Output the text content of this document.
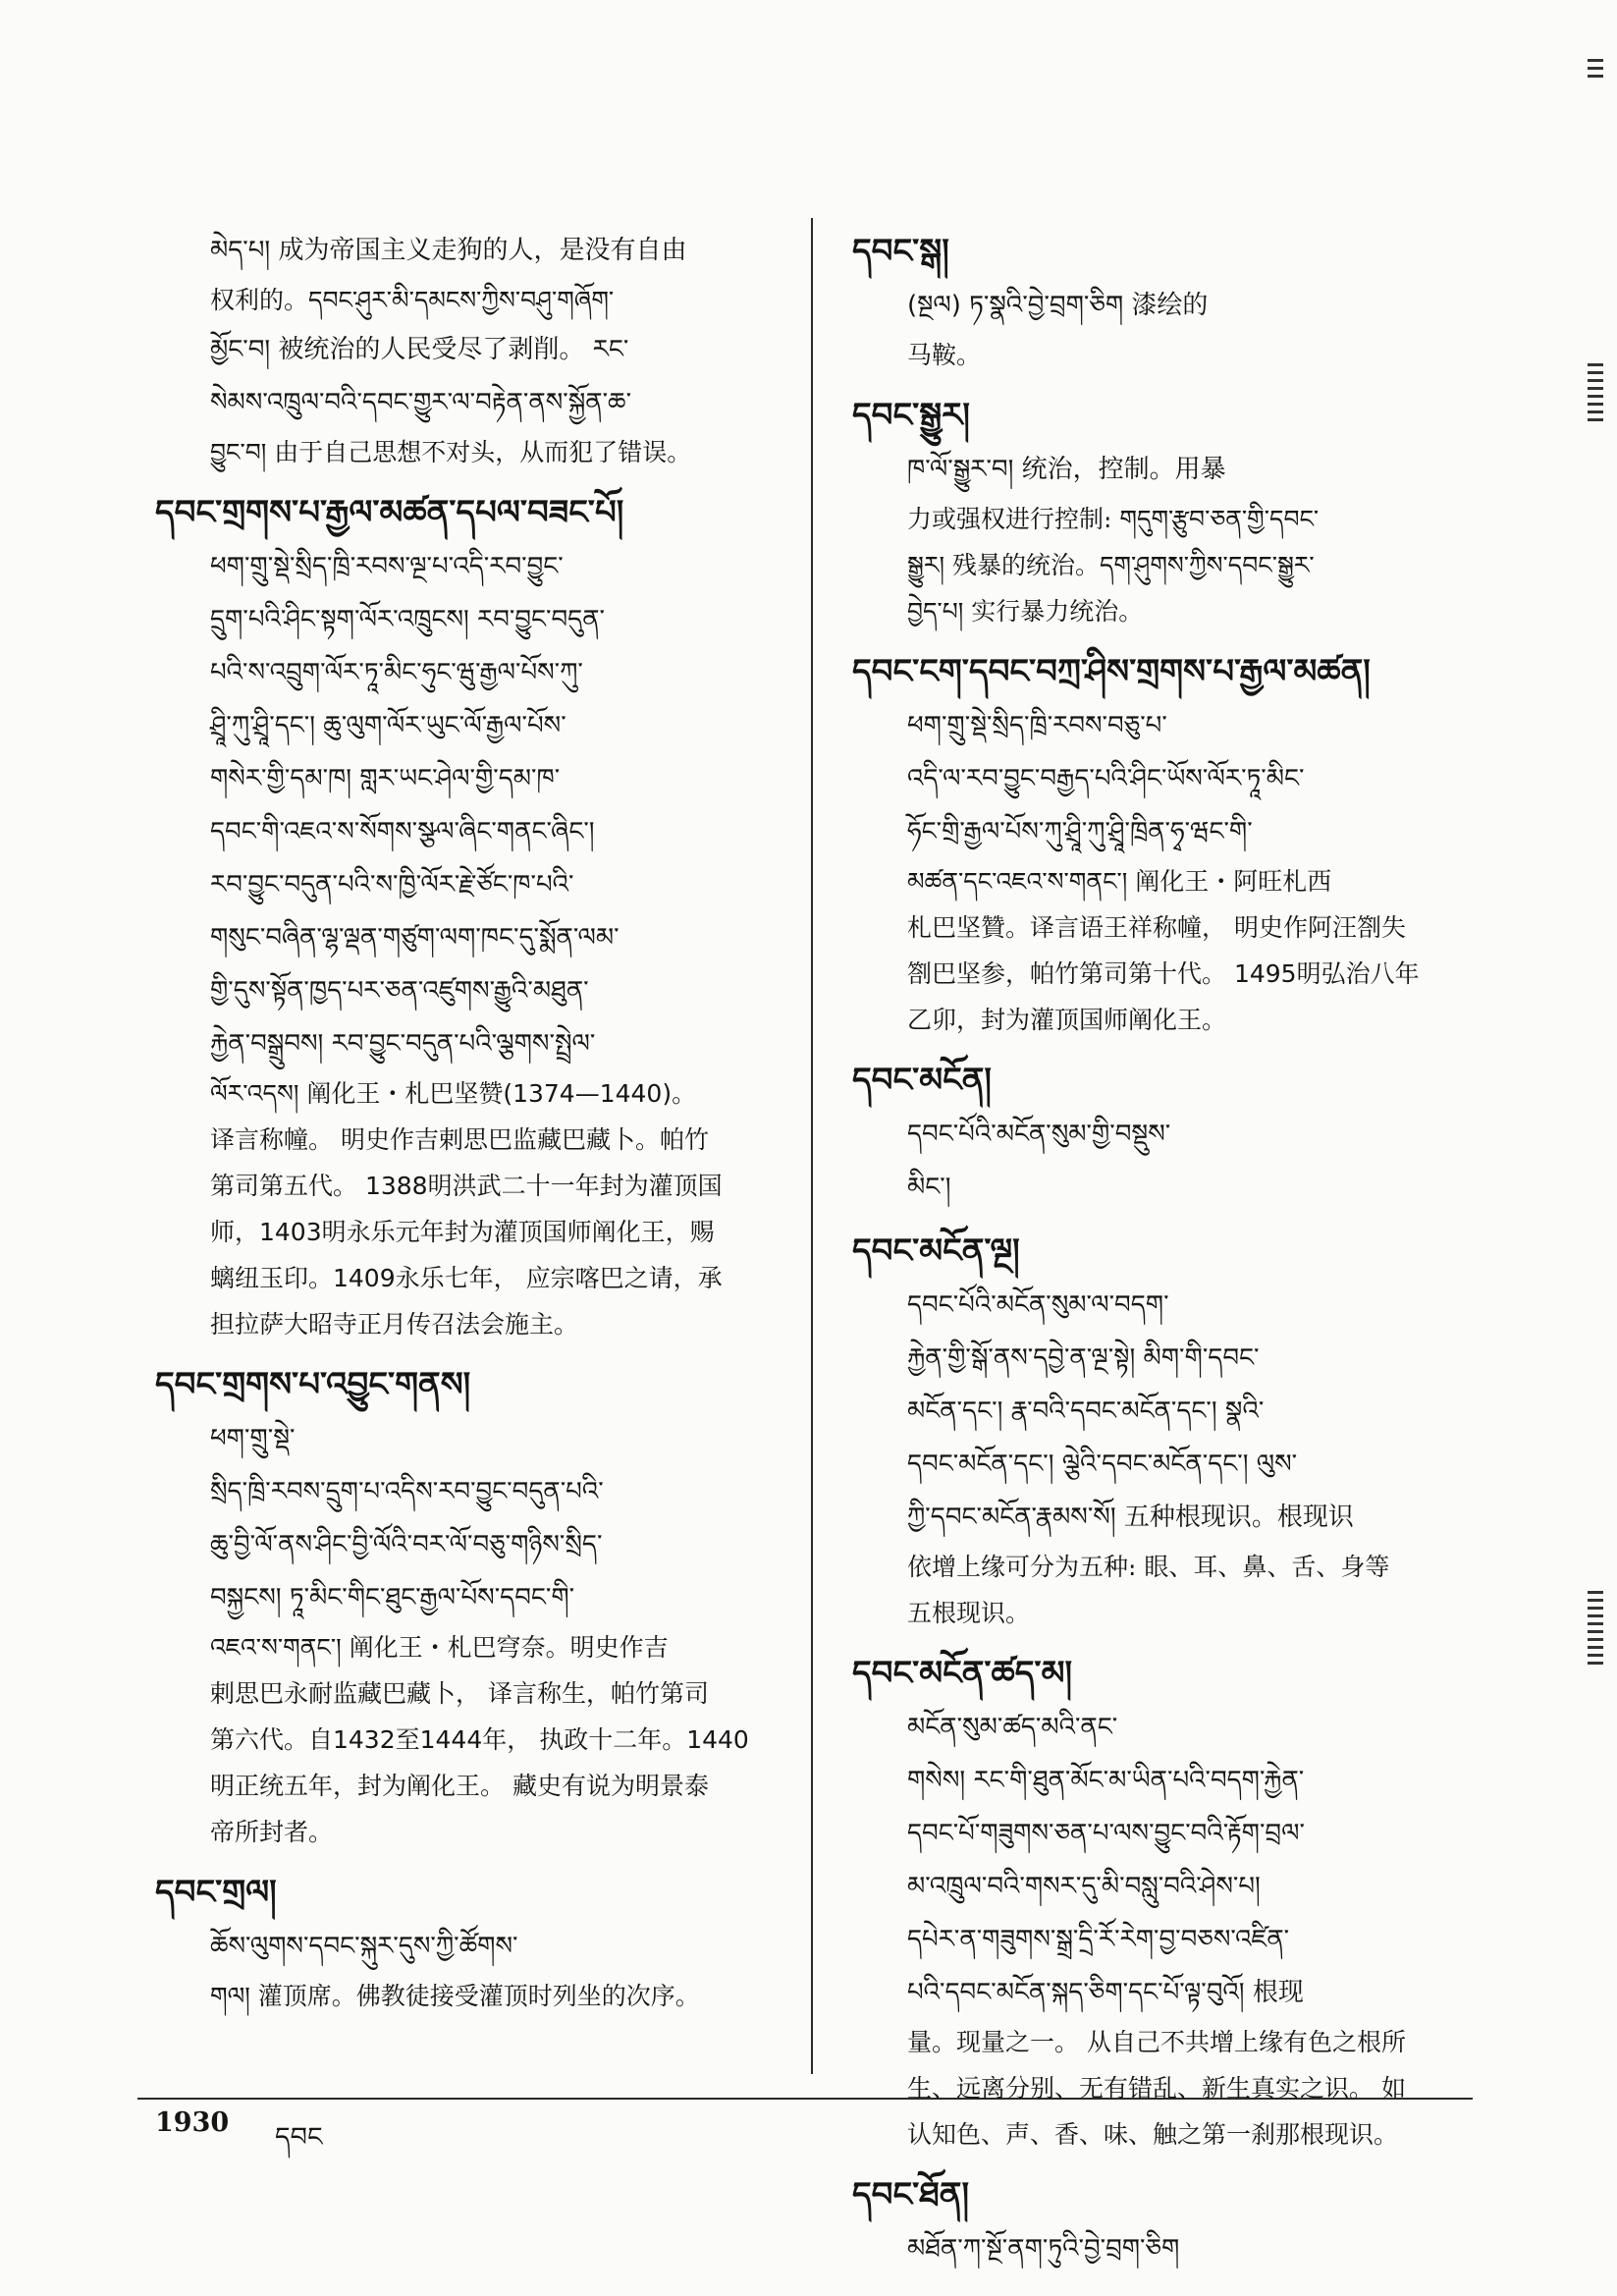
མེད་པ། 成为帝国主义走狗的人，是没有自由
权利的。དབང་ཤུར་མི་དམངས་ཀྱིས་བཤུ་གཞོག་
མྱོང་བ། 被统治的人民受尽了剥削。 རང་
སེམས་འཁྲུལ་བའི་དབང་གྱུར་ལ་བརྟེན་ནས་སྐྱོན་ཆ་
བྱུང་བ། 由于自己思想不对头，从而犯了错误。
དབང་གྲགས་པ་རྒྱལ་མཚན་དཔལ་བཟང་པོ།
ཕག་གྲུ་སྡེ་སྲིད་ཁྲི་རབས་ལྔ་པ་འདི་རབ་བྱུང་
དྲུག་པའི་ཤིང་སྟག་ལོར་འཁྲུངས། རབ་བྱུང་བདུན་
པའི་ས་འབྲུག་ལོར་ཏཱ་མིང་ཧུང་ཝུ་རྒྱལ་པོས་ཀུ་
ཤྲཱི་ཀུ་ཤྲཱི་དང་། ཆུ་ལུག་ལོར་ཡུང་ལོ་རྒྱལ་པོས་
གསེར་གྱི་དམ་ཁ། གླར་ཡང་ཤེལ་གྱི་དམ་ཁ་
དབང་གི་འཇའ་ས་སོགས་སྩལ་ཞིང་གནང་ཞིང་།
རབ་བྱུང་བདུན་པའི་ས་ཁྱི་ལོར་རྗེ་ཙོང་ཁ་པའི་
གསུང་བཞིན་ལྷ་ལྡན་གཙུག་ལག་ཁང་དུ་སྨོན་ལམ་
གྱི་དུས་སྟོན་ཁྱད་པར་ཅན་འཛུགས་རྒྱུའི་མཐུན་
རྐྱེན་བསྒྲུབས། རབ་བྱུང་བདུན་པའི་ལྕགས་སྤྲེལ་
ལོར་འདས། 阐化王・札巴坚赞(1374—1440)。
译言称幢。 明史作吉剌思巴监藏巴藏卜。帕竹
第司第五代。 1388明洪武二十一年封为灌顶国
师，1403明永乐元年封为灌顶国师阐化王，赐
螭纽玉印。1409永乐七年， 应宗喀巴之请，承
担拉萨大昭寺正月传召法会施主。
དབང་གྲགས་པ་འབྱུང་གནས།
ཕག་གྲུ་སྡེ་
སྲིད་ཁྲི་རབས་དྲུག་པ་འདིས་རབ་བྱུང་བདུན་པའི་
ཆུ་བྱི་ལོ་ནས་ཤིང་བྱི་ལོའི་བར་ལོ་བཅུ་གཉིས་སྲིད་
བསྐྱངས། ཏཱ་མིང་གིང་ཐུང་རྒྱལ་པོས་དབང་གི་
འཇའ་ས་གནང་། 阐化王・札巴穹奈。明史作吉
剌思巴永耐监藏巴藏卜， 译言称生，帕竹第司
第六代。自1432至1444年， 执政十二年。1440
明正统五年，封为阐化王。 藏史有说为明景泰
帝所封者。
དབང་གྲལ།
ཆོས་ལུགས་དབང་སྐུར་དུས་ཀྱི་ཚོགས་
གལ། 灌顶席。佛教徒接受灌顶时列坐的次序。
དབང་སྒ།
(སྔལ) ཏ་སྣའི་བྱེ་བྲག་ཅིག 漆绘的
马鞍。
དབང་སྒྱུར།
ཁ་ལོ་སྒྱུར་བ། 统治，控制。用暴
力或强权进行控制։ གདུག་རྩུབ་ཅན་གྱི་དབང་
སྒྱུར། 残暴的统治。དག་ཤུགས་ཀྱིས་དབང་སྒྱུར་
བྱེད་པ། 实行暴力统治。
དབང་ངག་དབང་བཀྲ་ཤིས་གྲགས་པ་རྒྱལ་མཚན།
ཕག་གྲུ་སྡེ་སྲིད་ཁྲི་རབས་བཅུ་པ་
འདི་ལ་རབ་བྱུང་བརྒྱད་པའི་ཤིང་ཡོས་ལོར་ཏཱ་མིང་
ཧོང་གྲི་རྒྱལ་པོས་ཀུ་ཤྲཱི་ཀུ་ཤྲཱི་ཁྲིན་ཧྭ་ཝང་གི་
མཚན་དང་འཇའ་ས་གནང་། 阐化王・阿旺札西
札巴坚贊。译言语王祥称幢， 明史作阿汪劄失
劄巴坚参，帕竹第司第十代。 1495明弘治八年
乙卯，封为灌顶国师阐化王。
དབང་མངོན།
དབང་པོའི་མངོན་སུམ་གྱི་བསྡུས་
མིང་།
དབང་མངོན་ལྔ།
དབང་པོའི་མངོན་སུམ་ལ་བདག་
རྐྱེན་གྱི་སྒོ་ནས་དབྱེ་ན་ལྔ་སྟེ། མིག་གི་དབང་
མངོན་དང་། རྣ་བའི་དབང་མངོན་དང་། སྣའི་
དབང་མངོན་དང་། ལྕེའི་དབང་མངོན་དང་། ལུས་
ཀྱི་དབང་མངོན་རྣམས་སོ། 五种根现识。根现识
依增上缘可分为五种։ 眼、耳、鼻、舌、身等
五根现识。
དབང་མངོན་ཚད་མ།
མངོན་སུམ་ཚད་མའི་ནང་
གསེས། རང་གི་ཐུན་མོང་མ་ཡིན་པའི་བདག་རྐྱེན་
དབང་པོ་གཟུགས་ཅན་པ་ལས་བྱུང་བའི་རྟོག་བྲལ་
མ་འཁྲུལ་བའི་གསར་དུ་མི་བསླུ་བའི་ཤེས་པ།
དཔེར་ན་གཟུགས་སྒྲ་དྲི་རོ་རེག་བྱ་བཅས་འཛིན་
པའི་དབང་མངོན་སྐད་ཅིག་དང་པོ་ལྟ་བུའོ། 根现
量。现量之一。 从自己不共增上缘有色之根所
生、远离分别、无有错乱、新生真实之识。 如
认知色、声、香、味、触之第一刹那根现识。
དབང་ཐོན།
མཐོན་ཀ་སྔོ་ནག་ཏུའི་བྱེ་བྲག་ཅིག
1930 དབང
